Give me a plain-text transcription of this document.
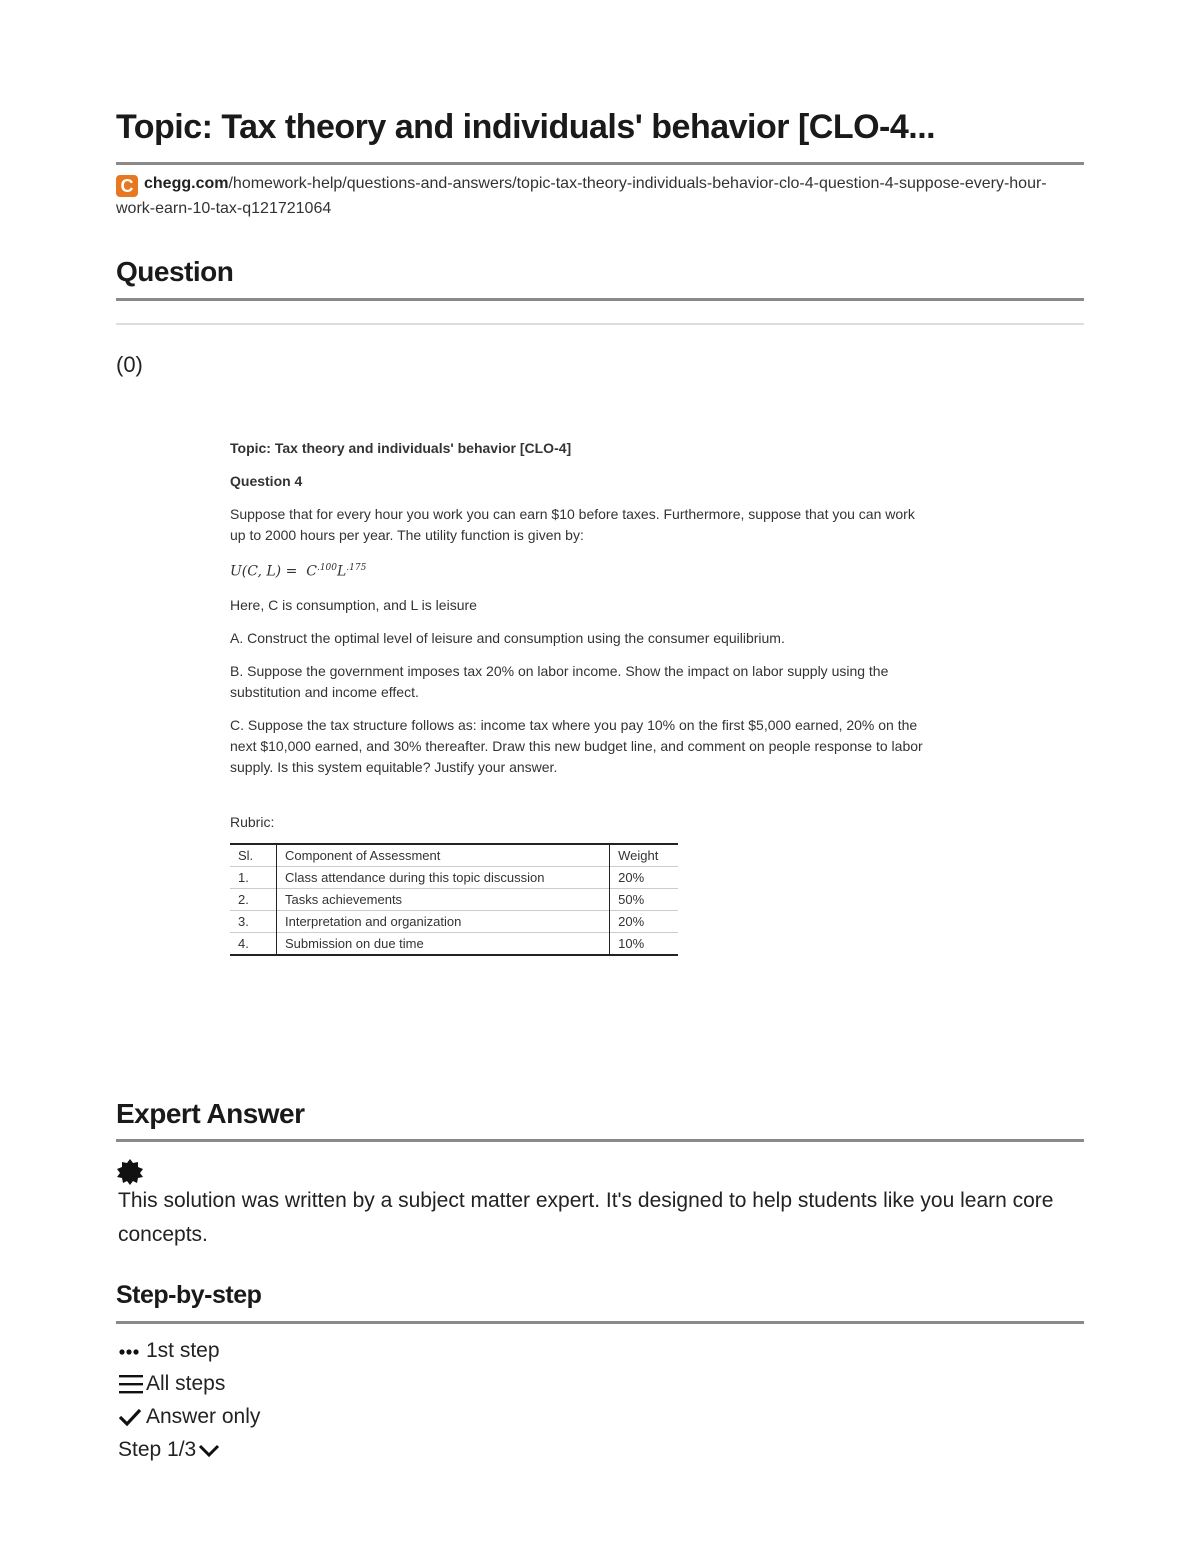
Topic: Tax theory and individuals' behavior [CLO-4...
C chegg.com/homework-help/questions-and-answers/topic-tax-theory-individuals-behavior-clo-4-question-4-suppose-every-hour-work-earn-10-tax-q121721064
Question
(0)

Topic: Tax theory and individuals' behavior [CLO-4]

Question 4

Suppose that for every hour you work you can earn $10 before taxes. Furthermore, suppose that you can work up to 2000 hours per year. The utility function is given by:

U(C, $L) = C^{.100}L^{.175}$

Here, C is consumption, and L is leisure

A. Construct the optimal level of leisure and consumption using the consumer equilibrium.

B. Suppose the government imposes tax 20% on labor income. Show the impact on labor supply using the substitution and income effect.

C. Suppose the tax structure follows as: income tax where you pay 10% on the first $5,000 earned, 20% on the next $10,000 earned, and 30% thereafter. Draw this new budget line, and comment on people response to labor supply. Is this system equitable? Justify your answer.

Rubric:

Sl.	Component of Assessment	Weight
1.	Class attendance during this topic discussion	20%
2.	Tasks achievements	50%
3.	Interpretation and organization	20%
4.	Submission on due time	10%
Expert Answer
This solution was written by a subject matter expert. It's designed to help students like you learn core concepts.
Step-by-step
1st step
All steps
Answer only
Step 1/3
